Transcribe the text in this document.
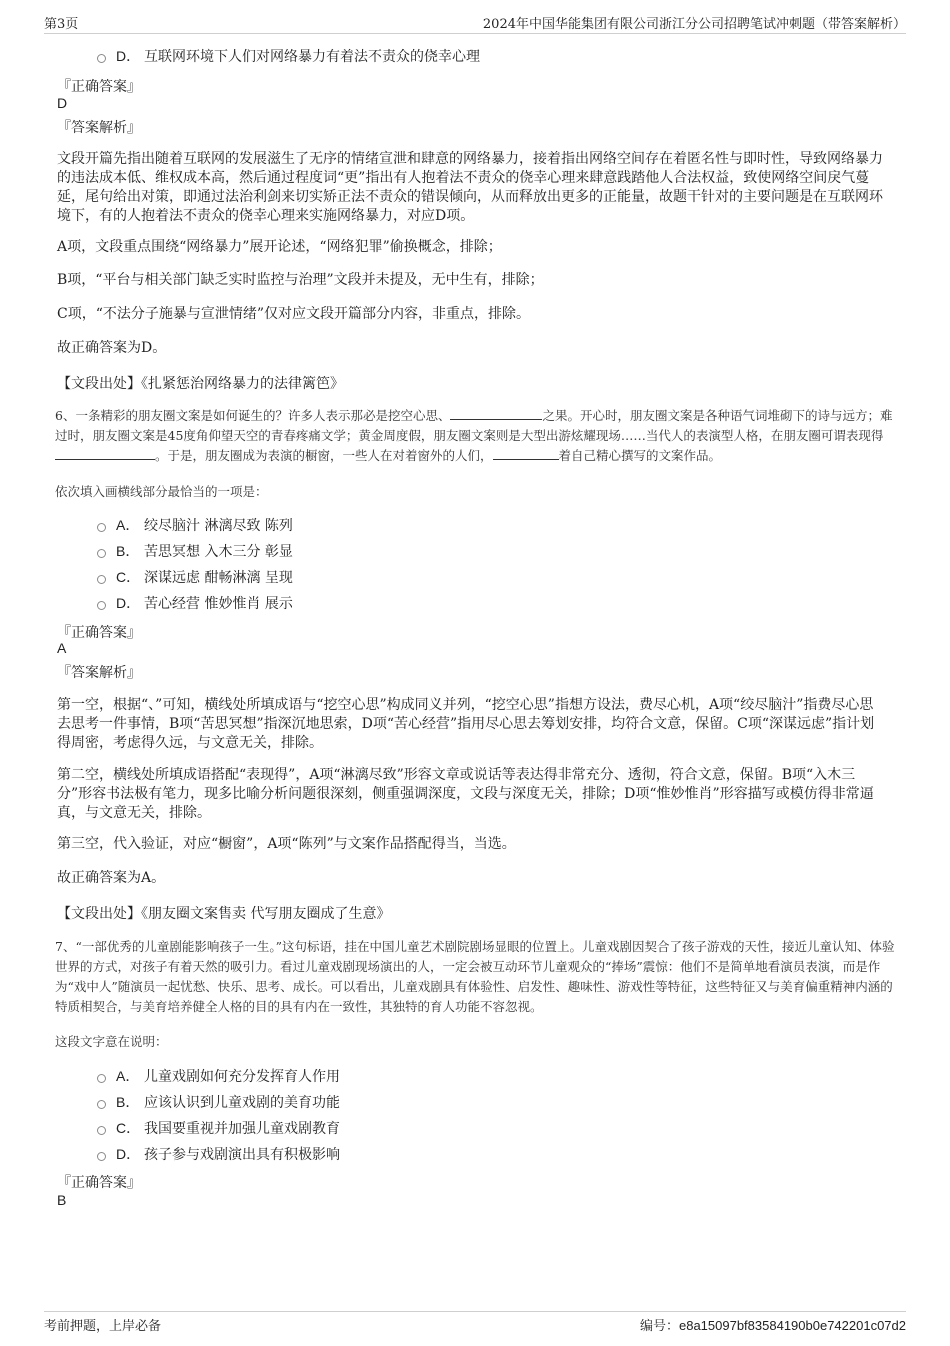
第3页	2024年中国华能集团有限公司浙江分公司招聘笔试冲刺题（带答案解析）
D． 互联网环境下人们对网络暴力有着法不责众的侥幸心理
『正确答案』
D
『答案解析』
文段开篇先指出随着互联网的发展滋生了无序的情绪宣泄和肆意的网络暴力，接着指出网络空间存在着匿名性与即时性，导致网络暴力的违法成本低、维权成本高，然后通过程度词“更”指出有人抱着法不责众的侥幸心理来肆意践踏他人合法权益，致使网络空间戾气蔓延，尾句给出对策，即通过法治利剑来切实矫正法不责众的错误倾向，从而释放出更多的正能量，故题干针对的主要问题是在互联网环境下，有的人抱着法不责众的侥幸心理来实施网络暴力，对应D项。
A项，文段重点围绕“网络暴力”展开论述，“网络犯罪”偷换概念，排除；
B项，“平台与相关部门缺乏实时监控与治理”文段并未提及，无中生有，排除；
C项，“不法分子施暴与宣泄情绪”仅对应文段开篇部分内容，非重点，排除。
故正确答案为D。
【文段出处】《扎紧惩治网络暴力的法律篱笆》
6、一条精彩的朋友圈文案是如何诞生的？许多人表示那必是挖空心思、	之果。开心时，朋友圈文案是各种语气词堆砌下的诗与远方；难过时，朋友圈文案是45度角仰望天空的青春疼痛文学；黄金周度假，朋友圈文案则是大型出游炫耀现场……当代人的表演型人格，在朋友圈可谓表现得。于是，朋友圈成为表演的橱窗，一些人在对着窗外的人们，	着自己精心撰写的文案作品。
依次填入画横线部分最恰当的一项是：
A． 绞尽脑汁 淋漓尽致 陈列
B． 苦思冥想 入木三分 彰显
C． 深谋远虑 酣畅淋漓 呈现
D． 苦心经营 惟妙惟肖 展示
『正确答案』
A
『答案解析』
第一空，根据“、”可知，横线处所填成语与“挖空心思”构成同义并列，“挖空心思”指想方设法，费尽心机，A项“绞尽脑汁”指费尽心思去思考一件事情，B项“苦思冥想”指深沉地思索，D项“苦心经营”指用尽心思去筹划安排，均符合文意，保留。C项“深谋远虑”指计划得周密，考虑得久远，与文意无关，排除。
第二空，横线处所填成语搭配“表现得”，A项“淋漓尽致”形容文章或说话等表达得非常充分、透彻，符合文意，保留。B项“入木三分”形容书法极有笔力，现多比喻分析问题很深刻，侧重强调深度，文段与深度无关，排除；D项“惟妙惟肖”形容描写或模仿得非常逼真，与文意无关，排除。
第三空，代入验证，对应“橱窗”，A项“陈列”与文案作品搭配得当，当选。
故正确答案为A。
【文段出处】《朋友圈文案售卖 代写朋友圈成了生意》
7、“一部优秀的儿童剧能影响孩子一生。”这句标语，挂在中国儿童艺术剧院剧场显眼的位置上。儿童戏剧因契合了孩子游戏的天性，接近儿童认知、体验世界的方式，对孩子有着天然的吸引力。看过儿童戏剧现场演出的人，一定会被互动环节儿童观众的“捧场”震惊：他们不是简单地看演员表演，而是作为“戏中人”随演员一起忧愁、快乐、思考、成长。可以看出，儿童戏剧具有体验性、启发性、趣味性、游戏性等特征，这些特征又与美育偏重精神内涵的特质相契合，与美育培养健全人格的目的具有内在一致性，其独特的育人功能不容忽视。
这段文字意在说明：
A． 儿童戏剧如何充分发挥育人作用
B． 应该认识到儿童戏剧的美育功能
C． 我国要重视并加强儿童戏剧教育
D． 孩子参与戏剧演出具有积极影响
『正确答案』
B
考前押题，上岸必备	编号：e8a15097bf83584190b0e742201c07d2
